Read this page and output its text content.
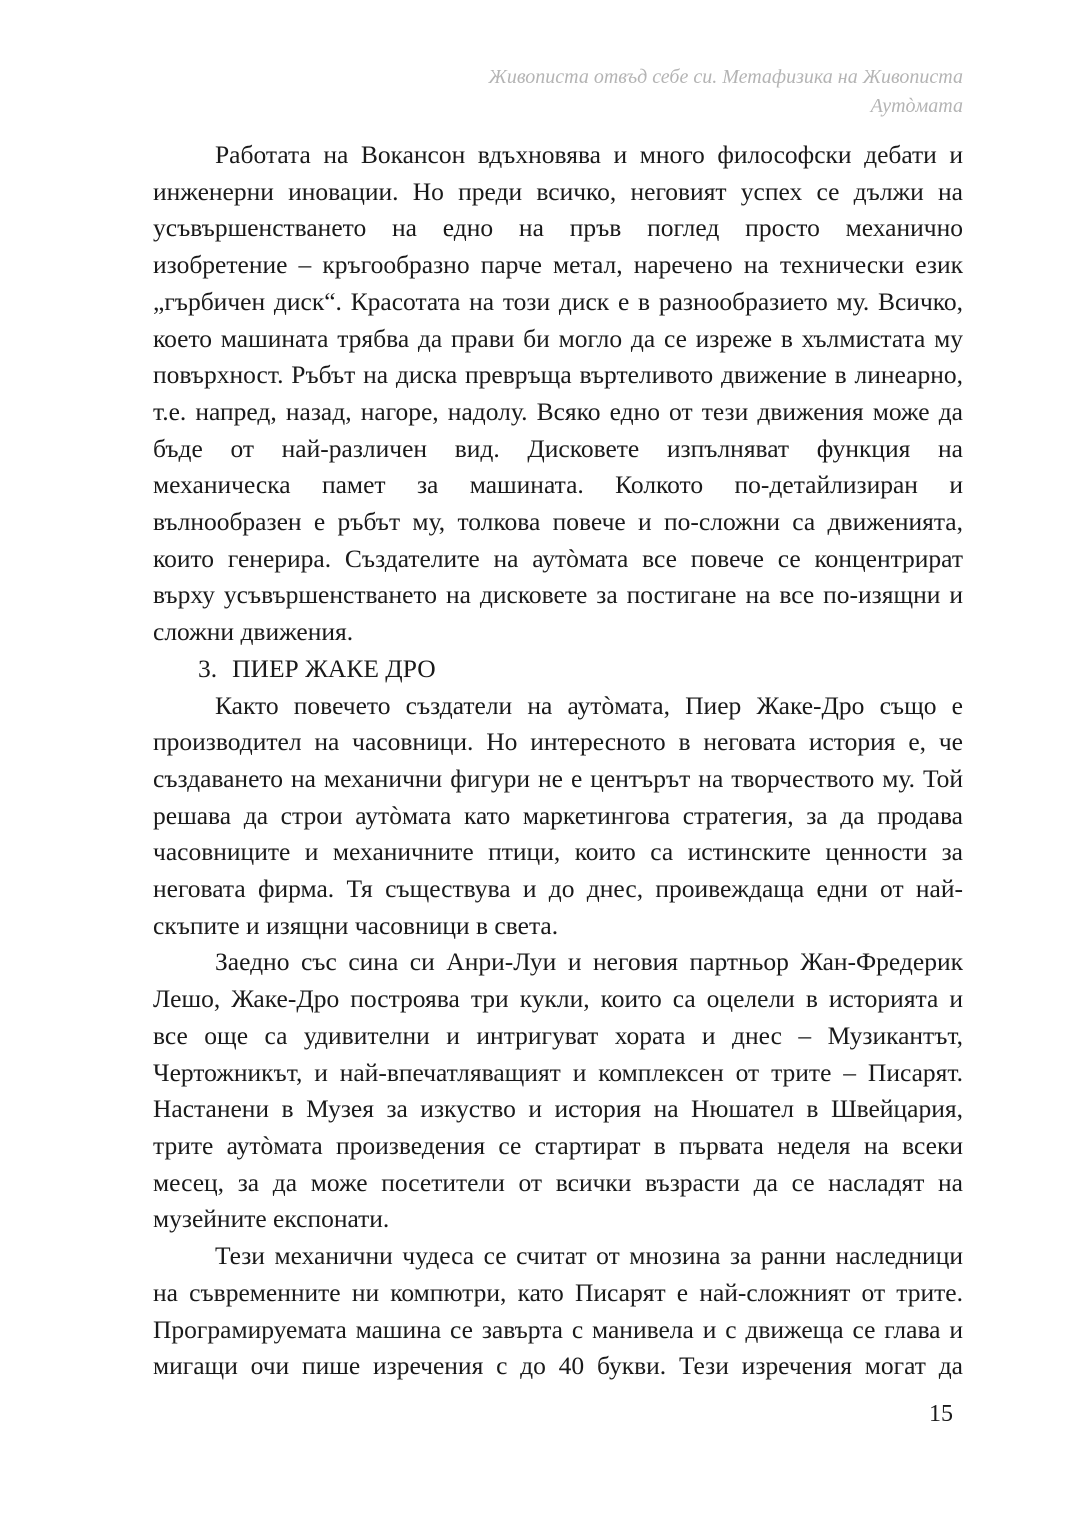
Живописта отвъд себе си. Метафизика на Живописта
Аутòмата
Работата на Вокансон вдъхновява и много философски дебати и
инженерни иновации. Но преди всичко, неговият успех се дължи на
усъвършенстването на едно на пръв поглед просто механично
изобретение – кръгообразно парче метал, наречено на технически език
„гърбичен диск“. Красотата на този диск е в разнообразието му. Всичко,
което машината трябва да прави би могло да се изреже в хълмистата му
повърхност. Ръбът на диска превръща въртеливото движение в линеарно,
т.е. напред, назад, нагоре, надолу. Всяко едно от тези движения може да
бъде от най-различен вид. Дисковете изпълняват функция на
механическа памет за машината. Колкото по-детайлизиран и
вълнообразен е ръбът му, толкова повече и по-сложни са движенията,
които генерира. Създателите на аутòмата все повече се концентрират
върху усъвършенстването на дисковете за постигане на все по-изящни и
сложни движения.
3. ПИЕР ЖАКЕ ДРО
Както повечето създатели на аутòмата, Пиер Жаке-Дро също е
производител на часовници. Но интересното в неговата история е, че
създаването на механични фигури не е центърът на творчеството му. Той
решава да строи аутòмата като маркетингова стратегия, за да продава
часовниците и механичните птици, които са истинските ценности за
неговата фирма. Тя съществува и до днес, проивеждаща едни от най-
скъпите и изящни часовници в света.
Заедно със сина си Анри-Луи и неговия партньор Жан-Фредерик
Лешо, Жаке-Дро построява три кукли, които са оцелели в историята и
все още са удивителни и интригуват хората и днес – Музикантът,
Чертожникът, и най-впечатляващият и комплексен от трите – Писарят.
Настанени в Музея за изкуство и история на Нюшател в Швейцария,
трите аутòмата произведения се стартират в първата неделя на всеки
месец, за да може посетители от всички възрасти да се насладят на
музейните експонати.
Тези механични чудеса се считат от мнозина за ранни наследници
на съвременните ни компютри, като Писарят е най-сложният от трите.
Програмируемата машина се завърта с манивела и с движеща се глава и
мигащи очи пише изречения с до 40 букви. Тези изречения могат да
15
